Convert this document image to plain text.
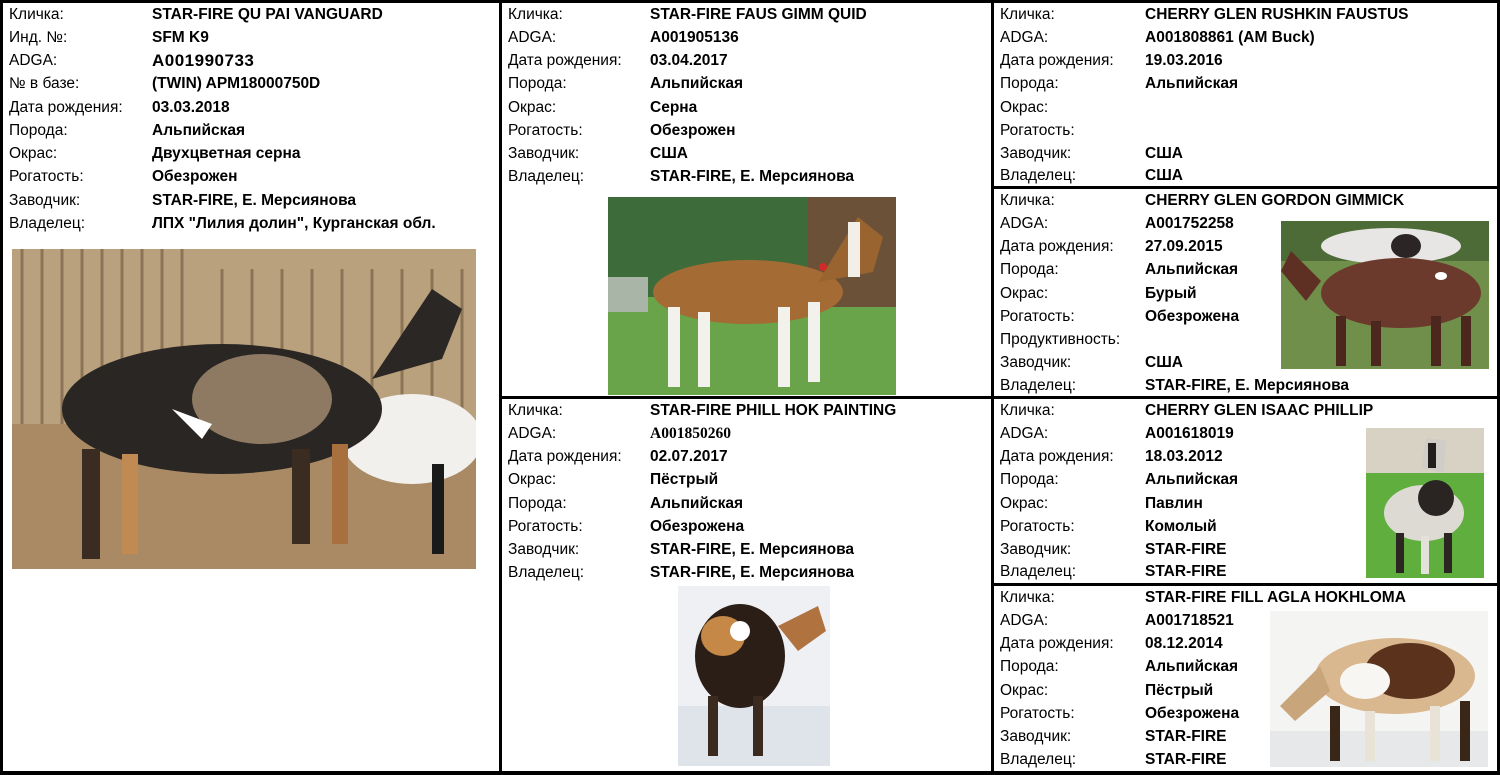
Кличка:	STAR-FIRE QU PAI VANGUARD
Инд. №:	SFM K9
ADGA:	A001990733
№ в базе:	(TWIN) APM18000750D
Дата рождения: 03.03.2018
Порода:	Альпийская
Окрас:	Двухцветная серна
Рогатость:	Обезрожен
Заводчик:	STAR-FIRE, Е. Мерсиянова
Владелец:	ЛПХ "Лилия долин", Курганская обл.
Кличка:	STAR-FIRE FAUS GIMM QUID
ADGA:	A001905136
Дата рождения: 03.04.2017
Порода:	Альпийская
Окрас:	Серна
Рогатость:	Обезрожен
Заводчик:	США
Владелец:	STAR-FIRE, Е. Мерсиянова
Кличка:	STAR-FIRE PHILL HOK PAINTING
ADGA:	A001850260
Дата рождения: 02.07.2017
Окрас:	Пёстрый
Порода:	Альпийская
Рогатость:	Обезрожена
Заводчик:	STAR-FIRE, Е. Мерсиянова
Владелец:	STAR-FIRE, Е. Мерсиянова
Кличка:	CHERRY GLEN RUSHKIN FAUSTUS
ADGA:	A001808861 (AM Buck)
Дата рождения: 19.03.2016
Порода:	Альпийская
Окрас:
Рогатость:
Заводчик:	США
Владелец:	США
Кличка:	CHERRY GLEN GORDON GIMMICK
ADGA:	A001752258
Дата рождения: 27.09.2015
Порода:	Альпийская
Окрас:	Бурый
Рогатость:	Обезрожена
Продуктивность:
Заводчик:	США
Владелец:	STAR-FIRE, Е. Мерсиянова
Кличка:	CHERRY GLEN ISAAC PHILLIP
ADGA:	A001618019
Дата рождения: 18.03.2012
Порода:	Альпийская
Окрас:	Павлин
Рогатость:	Комолый
Заводчик:	STAR-FIRE
Владелец:	STAR-FIRE
Кличка:	STAR-FIRE FILL AGLA HOKHLOMA
ADGA:	A001718521
Дата рождения: 08.12.2014
Порода:	Альпийская
Окрас:	Пёстрый
Рогатость:	Обезрожена
Заводчик:	STAR-FIRE
Владелец:	STAR-FIRE
